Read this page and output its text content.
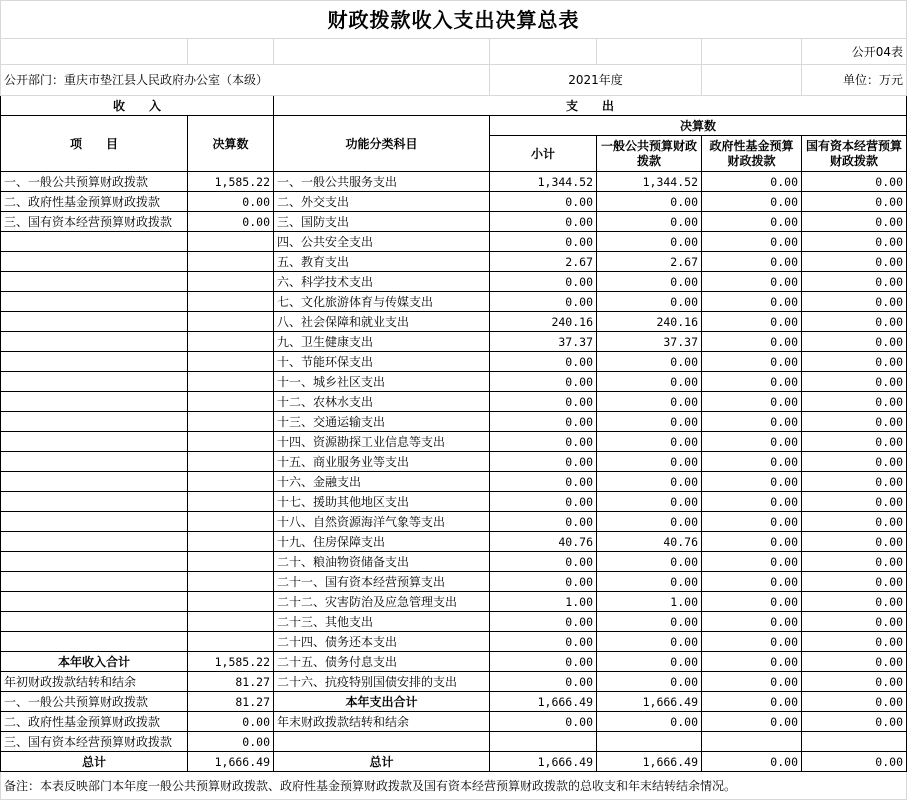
财政拨款收入支出决算总表						
						公开04表
公开部门：重庆市垫江县人民政府办公室（本级）			2021年度			单位：万元
收　　入		支　　出				
项　　目	决算数	功能分类科目	决算数			
			小计	一般公共预算财政拨款	政府性基金预算财政拨款	国有资本经营预算财政拨款
一、一般公共预算财政拨款	1,585.22	一、一般公共服务支出	1,344.52	1,344.52	0.00	0.00
二、政府性基金预算财政拨款	0.00	二、外交支出	0.00	0.00	0.00	0.00
三、国有资本经营预算财政拨款	0.00	三、国防支出	0.00	0.00	0.00	0.00
		四、公共安全支出	0.00	0.00	0.00	0.00
		五、教育支出	2.67	2.67	0.00	0.00
		六、科学技术支出	0.00	0.00	0.00	0.00
		七、文化旅游体育与传媒支出	0.00	0.00	0.00	0.00
		八、社会保障和就业支出	240.16	240.16	0.00	0.00
		九、卫生健康支出	37.37	37.37	0.00	0.00
		十、节能环保支出	0.00	0.00	0.00	0.00
		十一、城乡社区支出	0.00	0.00	0.00	0.00
		十二、农林水支出	0.00	0.00	0.00	0.00
		十三、交通运输支出	0.00	0.00	0.00	0.00
		十四、资源勘探工业信息等支出	0.00	0.00	0.00	0.00
		十五、商业服务业等支出	0.00	0.00	0.00	0.00
		十六、金融支出	0.00	0.00	0.00	0.00
		十七、援助其他地区支出	0.00	0.00	0.00	0.00
		十八、自然资源海洋气象等支出	0.00	0.00	0.00	0.00
		十九、住房保障支出	40.76	40.76	0.00	0.00
		二十、粮油物资储备支出	0.00	0.00	0.00	0.00
		二十一、国有资本经营预算支出	0.00	0.00	0.00	0.00
		二十二、灾害防治及应急管理支出	1.00	1.00	0.00	0.00
		二十三、其他支出	0.00	0.00	0.00	0.00
		二十四、债务还本支出	0.00	0.00	0.00	0.00
本年收入合计	1,585.22	二十五、债务付息支出	0.00	0.00	0.00	0.00
年初财政拨款结转和结余	81.27	二十六、抗疫特别国债安排的支出	0.00	0.00	0.00	0.00
一、一般公共预算财政拨款	81.27	本年支出合计	1,666.49	1,666.49	0.00	0.00
二、政府性基金预算财政拨款	0.00	年末财政拨款结转和结余	0.00	0.00	0.00	0.00
三、国有资本经营预算财政拨款	0.00					
总计	1,666.49	总计	1,666.49	1,666.49	0.00	0.00
备注：本表反映部门本年度一般公共预算财政拨款、政府性基金预算财政拨款及国有资本经营预算财政拨款的总收支和年末结转结余情况。						
